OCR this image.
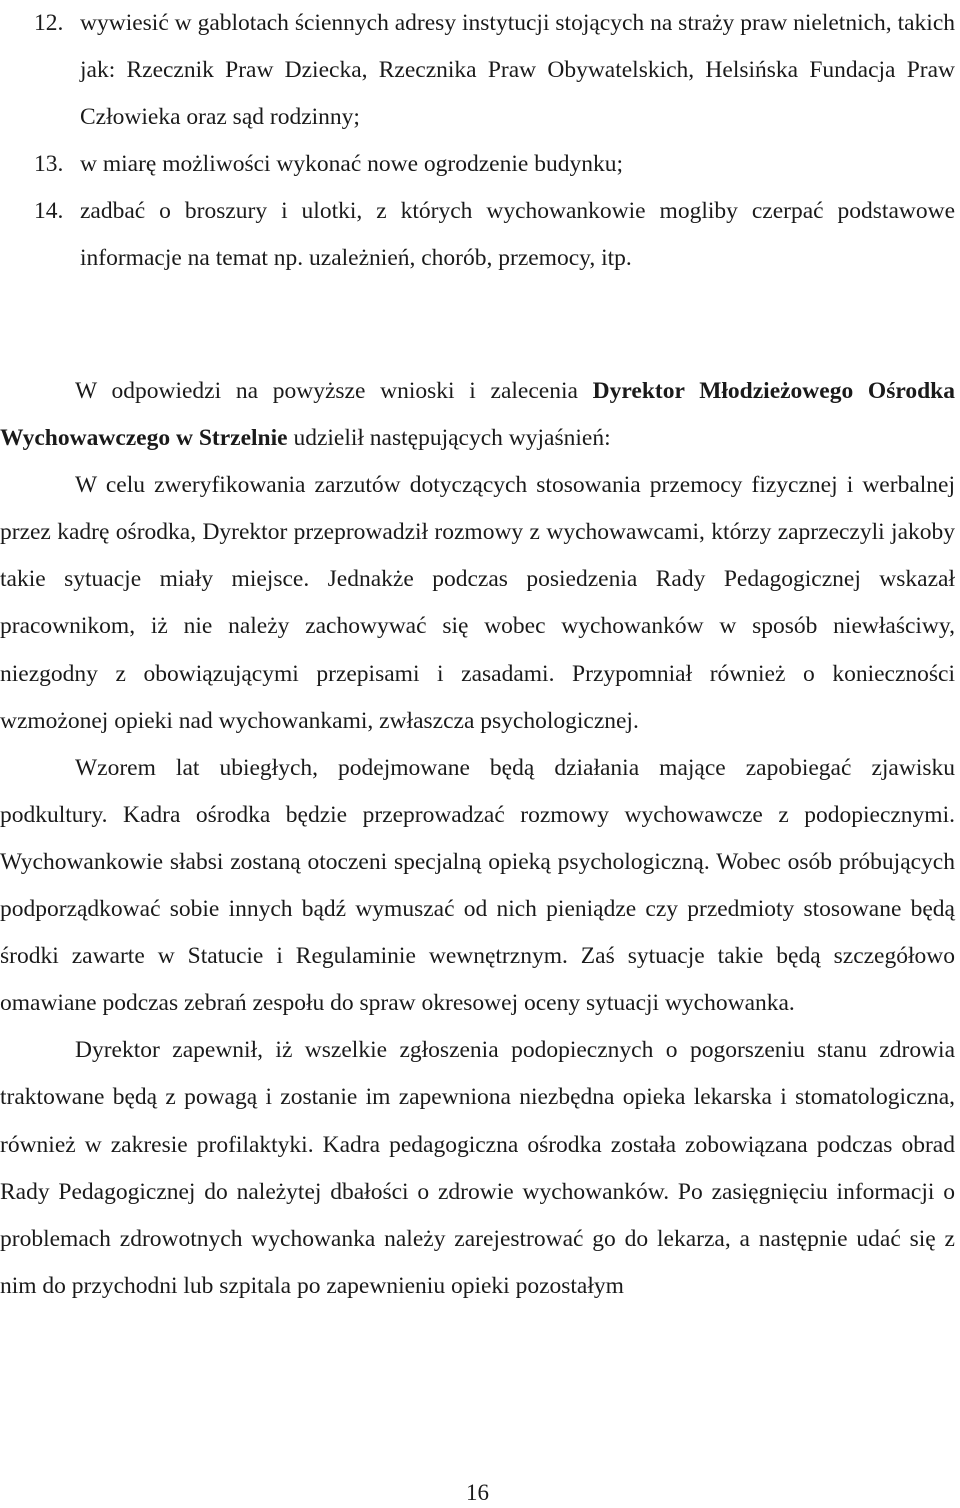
12. wywiesić w gablotach ściennych adresy instytucji stojących na straży praw nieletnich, takich jak: Rzecznik Praw Dziecka, Rzecznika Praw Obywatelskich, Helsińska Fundacja Praw Człowieka oraz sąd rodzinny;

13. w miarę możliwości wykonać nowe ogrodzenie budynku;

14. zadbać o broszury i ulotki, z których wychowankowie mogliby czerpać podstawowe informacje na temat np. uzależnień, chorób, przemocy, itp.

W odpowiedzi na powyższe wnioski i zalecenia Dyrektor Młodzieżowego Ośrodka Wychowawczego w Strzelnie udzielił następujących wyjaśnień:

W celu zweryfikowania zarzutów dotyczących stosowania przemocy fizycznej i werbalnej przez kadrę ośrodka, Dyrektor przeprowadził rozmowy z wychowawcami, którzy zaprzeczyli jakoby takie sytuacje miały miejsce. Jednakże podczas posiedzenia Rady Pedagogicznej wskazał pracownikom, iż nie należy zachowywać się wobec wychowanków w sposób niewłaściwy, niezgodny z obowiązującymi przepisami i zasadami. Przypomniał również o konieczności wzmożonej opieki nad wychowankami, zwłaszcza psychologicznej.

Wzorem lat ubiegłych, podejmowane będą działania mające zapobiegać zjawisku podkultury. Kadra ośrodka będzie przeprowadzać rozmowy wychowawcze z podopiecznymi. Wychowankowie słabsi zostaną otoczeni specjalną opieką psychologiczną. Wobec osób próbujących podporządkować sobie innych bądź wymuszać od nich pieniądze czy przedmioty stosowane będą środki zawarte w Statucie i Regulaminie wewnętrznym. Zaś sytuacje takie będą szczegółowo omawiane podczas zebrań zespołu do spraw okresowej oceny sytuacji wychowanka.

Dyrektor zapewnił, iż wszelkie zgłoszenia podopiecznych o pogorszeniu stanu zdrowia traktowane będą z powagą i zostanie im zapewniona niezbędna opieka lekarska i stomatologiczna, również w zakresie profilaktyki. Kadra pedagogiczna ośrodka została zobowiązana podczas obrad Rady Pedagogicznej do należytej dbałości o zdrowie wychowanków. Po zasięgnięciu informacji o problemach zdrowotnych wychowanka należy zarejestrować go do lekarza, a następnie udać się z nim do przychodni lub szpitala po zapewnieniu opieki pozostałym

16
